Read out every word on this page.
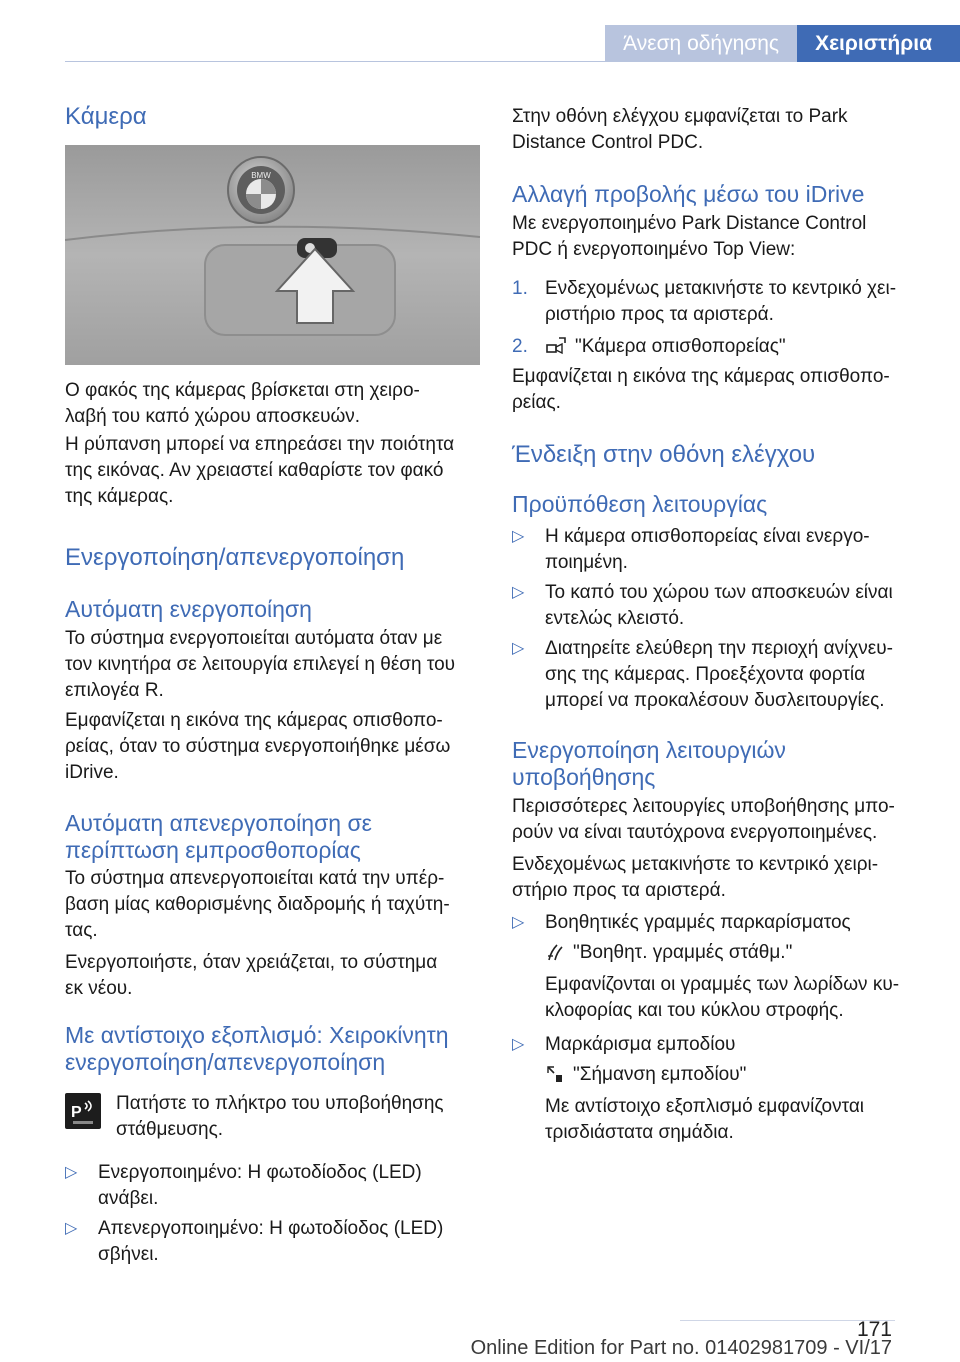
Άνεση οδήγησης	Χειριστήρια
Κάμερα
BMW

Ο φακός της κάμερας βρίσκεται στη χειρο-
λαβή του καπό χώρου αποσκευών.

Η ρύπανση μπορεί να επηρεάσει την ποιότητα
της εικόνας. Αν χρειαστεί καθαρίστε τον φακό
της κάμερας.

Ενεργοποίηση/απενεργοποίηση
Αυτόματη ενεργοποίηση

Το σύστημα ενεργοποιείται αυτόματα όταν με
τον κινητήρα σε λειτουργία επιλεγεί η θέση του
επιλογέα R.

Εμφανίζεται η εικόνα της κάμερας οπισθοπο-
ρείας, όταν το σύστημα ενεργοποιήθηκε μέσω
iDrive.

Αυτόματη απενεργοποίηση σε
περίπτωση εμπροσθοπορίας

Το σύστημα απενεργοποιείται κατά την υπέρ-
βαση μίας καθορισμένης διαδρομής ή ταχύτη-
τας.

Ενεργοποιήστε, όταν χρειάζεται, το σύστημα
εκ νέου.

Με αντίστοιχο εξοπλισμό: Χειροκίνητη
ενεργοποίηση/απενεργοποίηση
P Πατήστε το πλήκτρο του υποβοήθησης
στάθμευσης.

▷	Ενεργοποιημένο: Η φωτοδίοδος (LED)
ανάβει.
▷	Απενεργοποιημένο: Η φωτοδίοδος (LED)
σβήνει.

Στην οθόνη ελέγχου εμφανίζεται το Park
Distance Control PDC.

Αλλαγή προβολής μέσω του iDrive

Με ενεργοποιημένο Park Distance Control
PDC ή ενεργοποιημένο Top View:

1. Ενδεχομένως μετακινήστε το κεντρικό χει-
ριστήριο προς τα αριστερά.
2.	"Κάμερα οπισθοπορείας"

Εμφανίζεται η εικόνα της κάμερας οπισθοπο-
ρείας.

Ένδειξη στην οθόνη ελέγχου
Προϋπόθεση λειτουργίας
▷	Η κάμερα οπισθοπορείας είναι ενεργο-
ποιημένη.
▷	Το καπό του χώρου των αποσκευών είναι
εντελώς κλειστό.
▷	Διατηρείτε ελεύθερη την περιοχή ανίχνευ-
σης της κάμερας. Προεξέχοντα φορτία
μπορεί να προκαλέσουν δυσλειτουργίες.
Ενεργοποίηση λειτουργιών
υποβοήθησης

Περισσότερες λειτουργίες υποβοήθησης μπο-
ρούν να είναι ταυτόχρονα ενεργοποιημένες.

Ενδεχομένως μετακινήστε το κεντρικό χειρι-
στήριο προς τα αριστερά.

▷	Βοηθητικές γραμμές παρκαρίσματος
"Βοηθητ. γραμμές στάθμ."

Εμφανίζονται οι γραμμές των λωρίδων κυ-
κλοφορίας και του κύκλου στροφής.

▷	Μαρκάρισμα εμποδίου
"Σήμανση εμποδίου"

Με αντίστοιχο εξοπλισμό εμφανίζονται
τρισδιάστατα σημάδια.

171
Online Edition for Part no. 01402981709 - VI/17
